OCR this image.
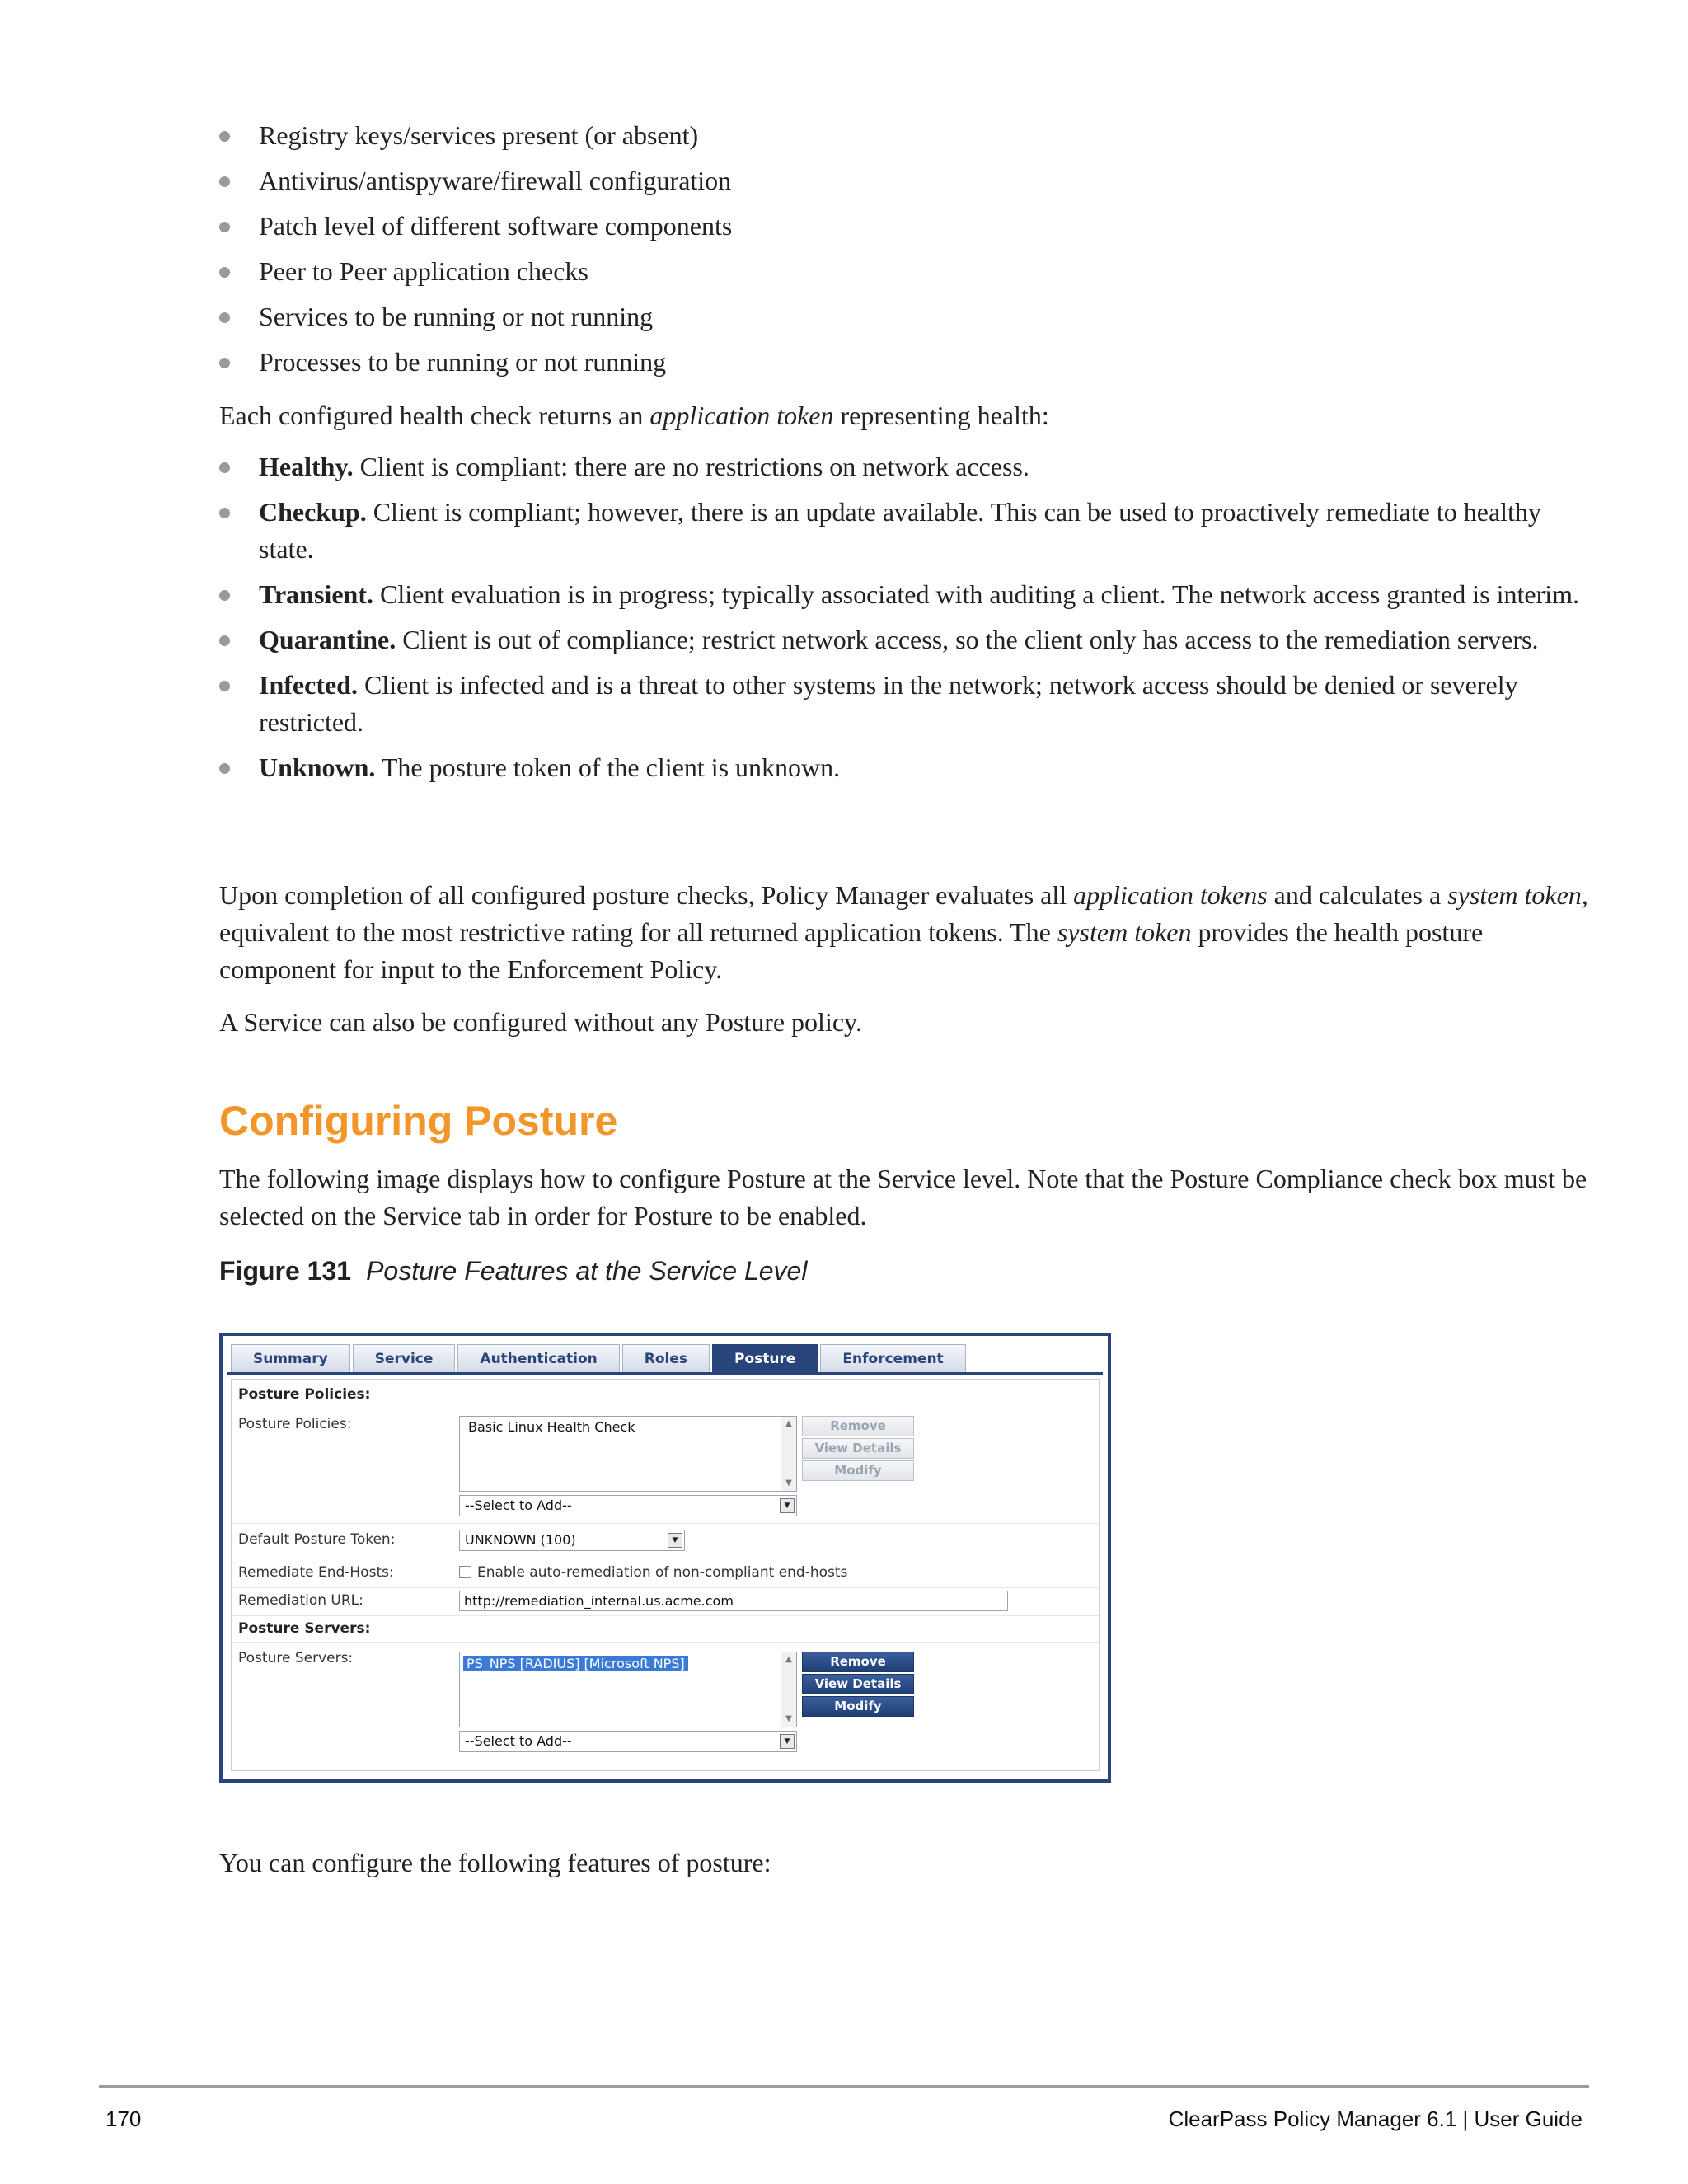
Registry keys/services present (or absent)
Antivirus/antispyware/firewall configuration
Patch level of different software components
Peer to Peer application checks
Services to be running or not running
Processes to be running or not running

Each configured health check returns an application token representing health:

Healthy. Client is compliant: there are no restrictions on network access.
Checkup. Client is compliant; however, there is an update available. This can be used to proactively remediate to healthy state.
Transient. Client evaluation is in progress; typically associated with auditing a client. The network access granted is interim.
Quarantine. Client is out of compliance; restrict network access, so the client only has access to the remediation servers.
Infected. Client is infected and is a threat to other systems in the network; network access should be denied or severely restricted.
Unknown. The posture token of the client is unknown.

Upon completion of all configured posture checks, Policy Manager evaluates all application tokens and calculates a system token, equivalent to the most restrictive rating for all returned application tokens. The system token provides the health posture component for input to the Enforcement Policy.

A Service can also be configured without any Posture policy.

Configuring Posture

The following image displays how to configure Posture at the Service level. Note that the Posture Compliance check box must be selected on the Service tab in order for Posture to be enabled.

Figure 131 Posture Features at the Service Level
Summary	Service	Authentication	Roles	Posture	Enforcement
Posture Policies:
Posture Policies:	Basic Linux Health Check	▲
▼
Remove
View Details
Modify
--Select to Add--	▼
Default Posture Token:	UNKNOWN (100)	▼
Remediate End-Hosts:	Enable auto-remediation of non-compliant end-hosts
Remediation URL:	http://remediation_internal.us.acme.com
Posture Servers:
Posture Servers:	PS_NPS [RADIUS] [Microsoft NPS]	▲
▼
Remove
View Details
Modify
--Select to Add--	▼

You can configure the following features of posture:

170	ClearPass Policy Manager 6.1 | User Guide
